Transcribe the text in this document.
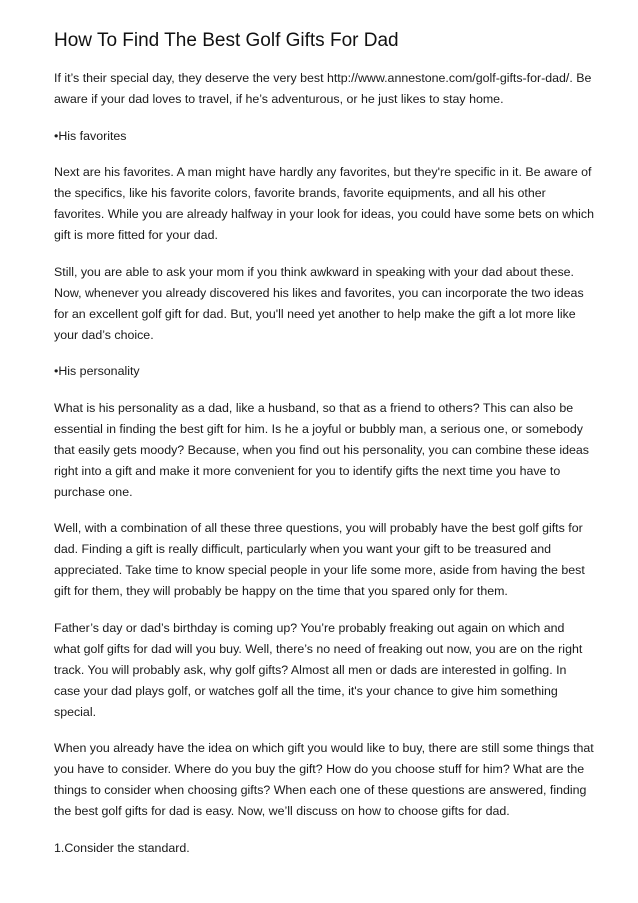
How To Find The Best Golf Gifts For Dad

If it’s their special day, they deserve the very best http://www.annestone.com/golf-gifts-for-dad/. Be aware if your dad loves to travel, if he’s adventurous, or he just likes to stay home.

•His favorites

Next are his favorites. A man might have hardly any favorites, but they're specific in it. Be aware of the specifics, like his favorite colors, favorite brands, favorite equipments, and all his other favorites. While you are already halfway in your look for ideas, you could have some bets on which gift is more fitted for your dad.

Still, you are able to ask your mom if you think awkward in speaking with your dad about these. Now, whenever you already discovered his likes and favorites, you can incorporate the two ideas for an excellent golf gift for dad. But, you'll need yet another to help make the gift a lot more like your dad’s choice.

•His personality

What is his personality as a dad, like a husband, so that as a friend to others? This can also be essential in finding the best gift for him. Is he a joyful or bubbly man, a serious one, or somebody that easily gets moody? Because, when you find out his personality, you can combine these ideas right into a gift and make it more convenient for you to identify gifts the next time you have to purchase one.

Well, with a combination of all these three questions, you will probably have the best golf gifts for dad. Finding a gift is really difficult, particularly when you want your gift to be treasured and appreciated. Take time to know special people in your life some more, aside from having the best gift for them, they will probably be happy on the time that you spared only for them.

Father’s day or dad’s birthday is coming up? You’re probably freaking out again on which and what golf gifts for dad will you buy. Well, there’s no need of freaking out now, you are on the right track. You will probably ask, why golf gifts? Almost all men or dads are interested in golfing. In case your dad plays golf, or watches golf all the time, it's your chance to give him something special.

When you already have the idea on which gift you would like to buy, there are still some things that you have to consider. Where do you buy the gift? How do you choose stuff for him? What are the things to consider when choosing gifts? When each one of these questions are answered, finding the best golf gifts for dad is easy. Now, we’ll discuss on how to choose gifts for dad.

1.Consider the standard.
